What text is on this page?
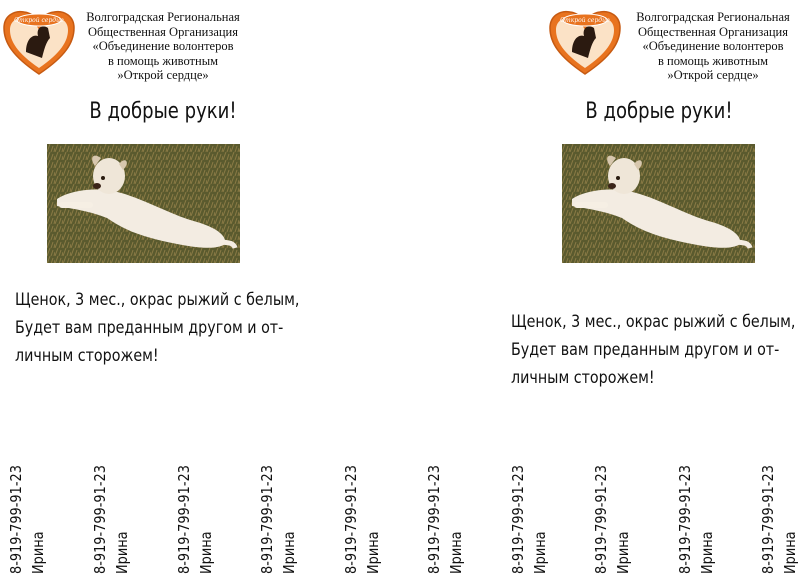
Открой сердце	Волгоградская Региональная
Общественная Организация
«Объединение волонтеров
в помощь животным
»Открой сердце»
В добрые руки!
Щенок, 3 мес., окрас рыжий с белым,
Будет вам преданным другом и от-
личным сторожем!
Открой сердце	Волгоградская Региональная
Общественная Организация
«Объединение волонтеров
в помощь животным
»Открой сердце»
В добрые руки!
Щенок, 3 мес., окрас рыжий с белым,
Будет вам преданным другом и от-
личным сторожем!
8-919-799-91-23 Ирина	8-919-799-91-23 Ирина	8-919-799-91-23 Ирина	8-919-799-91-23 Ирина	8-919-799-91-23 Ирина	8-919-799-91-23 Ирина	8-919-799-91-23 Ирина	8-919-799-91-23 Ирина	8-919-799-91-23 Ирина	8-919-799-91-23 Ирина
